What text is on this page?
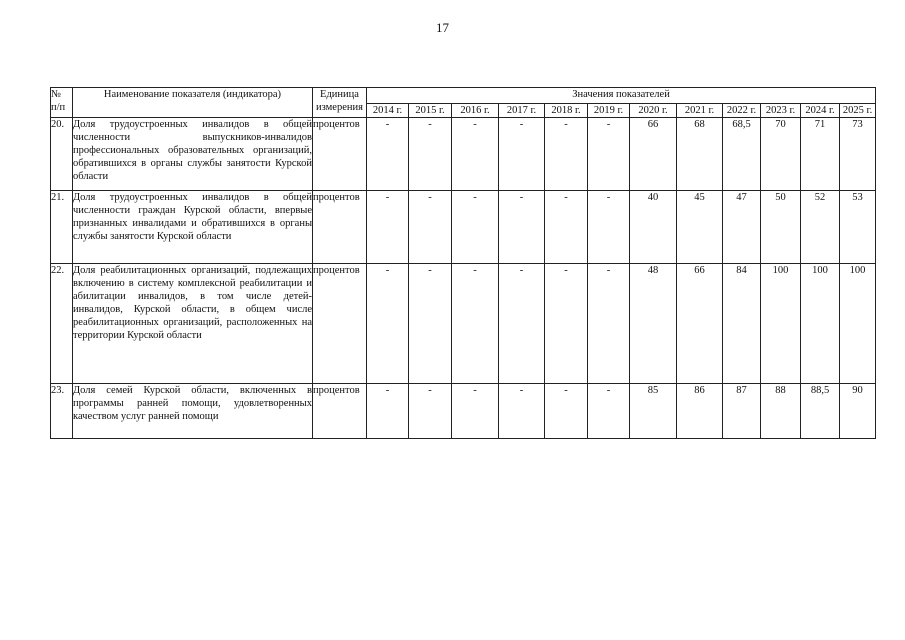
17
№ п/п	Наименование показателя (индикатора)	Единица измерения	Значения показателей											
			2014 г.	2015 г.	2016 г.	2017 г.	2018 г.	2019 г.	2020 г.	2021 г.	2022 г.	2023 г.	2024 г.	2025 г.
20.	Доля трудоустроенных инвалидов в общей численности выпускников-инвалидов профессиональных образовательных организаций, обратившихся в органы службы занятости Курской области	процентов	-	-	-	-	-	-	66	68	68,5	70	71	73
21.	Доля трудоустроенных инвалидов в общей численности граждан Курской области, впервые признанных инвалидами и обратившихся в органы службы занятости Курской области	процентов	-	-	-	-	-	-	40	45	47	50	52	53
22.	Доля реабилитационных организаций, подлежащих включению в систему комплексной реабилитации и абилитации инвалидов, в том числе детей-инвалидов, Курской области, в общем числе реабилитационных организаций, расположенных на территории Курской области	процентов	-	-	-	-	-	-	48	66	84	100	100	100
23.	Доля семей Курской области, включенных в программы ранней помощи, удовлетворенных качеством услуг ранней помощи	процентов	-	-	-	-	-	-	85	86	87	88	88,5	90
